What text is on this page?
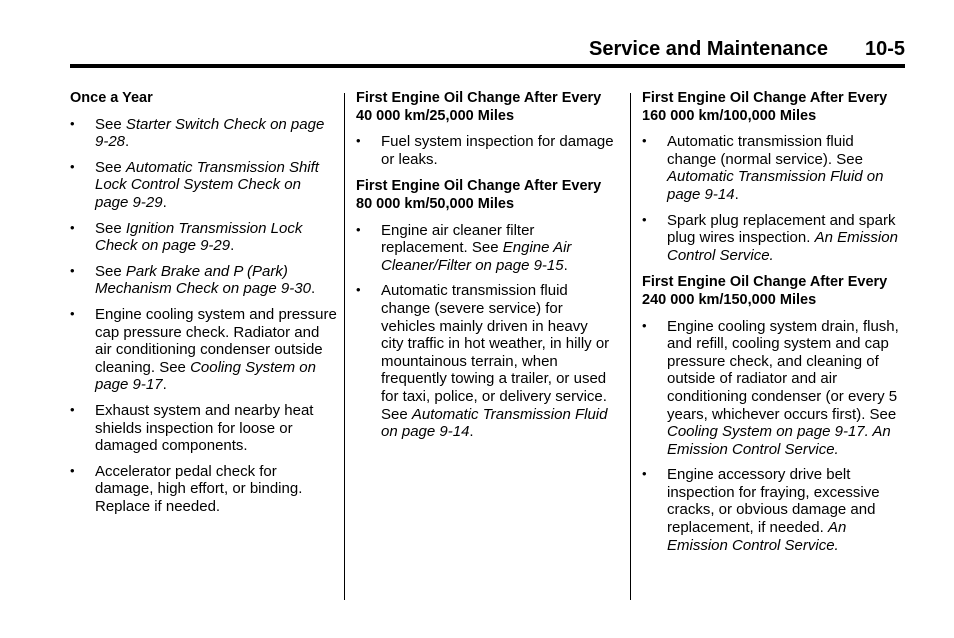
Service and Maintenance 10-5
Once a Year
• See Starter Switch Check on page 9-28.
• See Automatic Transmission Shift Lock Control System Check on page 9-29.
• See Ignition Transmission Lock Check on page 9-29.
• See Park Brake and P (Park) Mechanism Check on page 9-30.
• Engine cooling system and pressure cap pressure check. Radiator and air conditioning condenser outside cleaning. See Cooling System on page 9-17.
• Exhaust system and nearby heat shields inspection for loose or damaged components.
• Accelerator pedal check for damage, high effort, or binding. Replace if needed.
First Engine Oil Change After Every 40 000 km/25,000 Miles
• Fuel system inspection for damage or leaks.
First Engine Oil Change After Every 80 000 km/50,000 Miles
• Engine air cleaner filter replacement. See Engine Air Cleaner/Filter on page 9-15.
• Automatic transmission fluid change (severe service) for vehicles mainly driven in heavy city traffic in hot weather, in hilly or mountainous terrain, when frequently towing a trailer, or used for taxi, police, or delivery service. See Automatic Transmission Fluid on page 9-14.
First Engine Oil Change After Every 160 000 km/100,000 Miles
• Automatic transmission fluid change (normal service). See Automatic Transmission Fluid on page 9-14.
• Spark plug replacement and spark plug wires inspection. An Emission Control Service.
First Engine Oil Change After Every 240 000 km/150,000 Miles
• Engine cooling system drain, flush, and refill, cooling system and cap pressure check, and cleaning of outside of radiator and air conditioning condenser (or every 5 years, whichever occurs first). See Cooling System on page 9-17. An Emission Control Service.
• Engine accessory drive belt inspection for fraying, excessive cracks, or obvious damage and replacement, if needed. An Emission Control Service.
